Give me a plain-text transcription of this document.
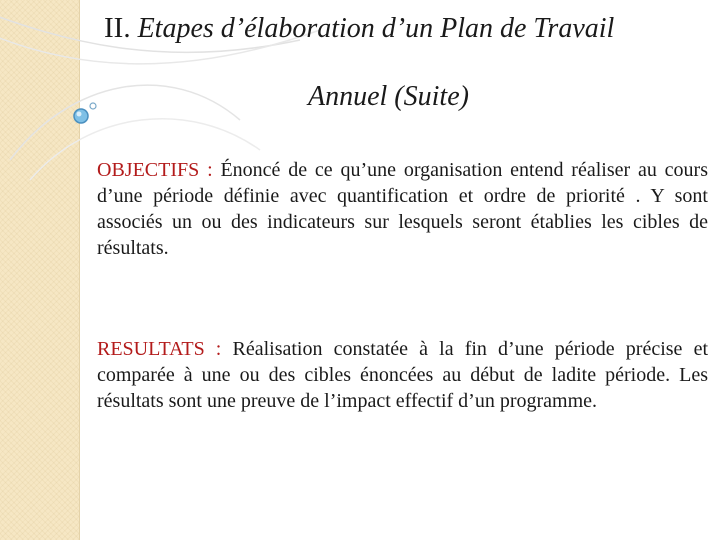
II. Etapes d’élaboration d’un Plan de Travail
Annuel (Suite)

OBJECTIFS : Énoncé de ce qu’une organisation entend réaliser au cours d’une période définie avec quantification et ordre de priorité . Y sont associés un ou des indicateurs sur lesquels seront établies les cibles de résultats.

RESULTATS : Réalisation constatée à la fin d’une période précise et comparée à une ou des cibles énoncées au début de ladite période. Les résultats sont une preuve de l’impact effectif d’un programme.
